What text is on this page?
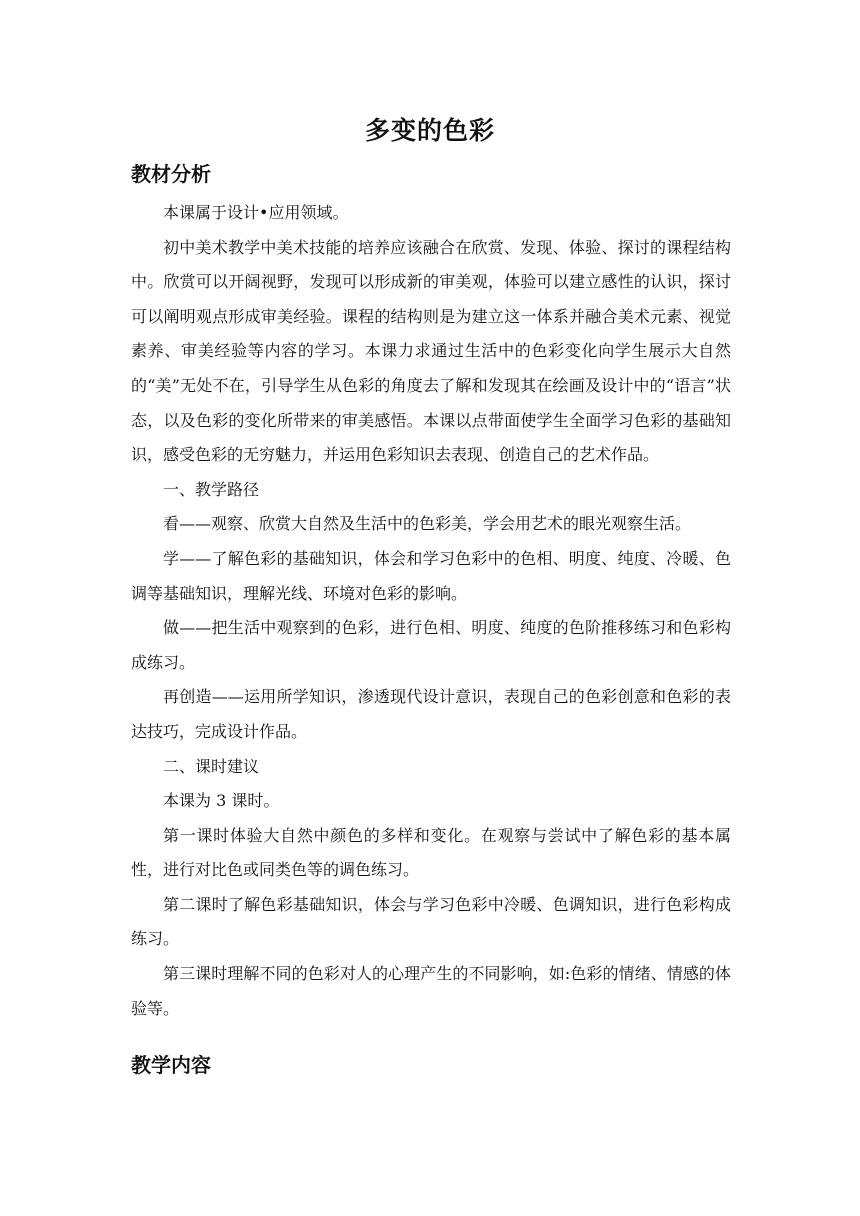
多变的色彩
教材分析

本课属于设计•应用领域。

初中美术教学中美术技能的培养应该融合在欣赏、发现、体验、探讨的课程结构中。欣赏可以开阔视野，发现可以形成新的审美观，体验可以建立感性的认识，探讨可以阐明观点形成审美经验。课程的结构则是为建立这一体系并融合美术元素、视觉素养、审美经验等内容的学习。本课力求通过生活中的色彩变化向学生展示大自然的“美”无处不在，引导学生从色彩的角度去了解和发现其在绘画及设计中的“语言”状态，以及色彩的变化所带来的审美感悟。本课以点带面使学生全面学习色彩的基础知识，感受色彩的无穷魅力，并运用色彩知识去表现、创造自己的艺术作品。

一、教学路径

看——观察、欣赏大自然及生活中的色彩美，学会用艺术的眼光观察生活。

学——了解色彩的基础知识，体会和学习色彩中的色相、明度、纯度、冷暖、色调等基础知识，理解光线、环境对色彩的影响。

做——把生活中观察到的色彩，进行色相、明度、纯度的色阶推移练习和色彩构成练习。

再创造——运用所学知识，渗透现代设计意识，表现自己的色彩创意和色彩的表达技巧，完成设计作品。

二、课时建议

本课为 3 课时。

第一课时体验大自然中颜色的多样和变化。在观察与尝试中了解色彩的基本属性，进行对比色或同类色等的调色练习。

第二课时了解色彩基础知识，体会与学习色彩中冷暖、色调知识，进行色彩构成练习。

第三课时理解不同的色彩对人的心理产生的不同影响，如:色彩的情绪、情感的体验等。

教学内容
